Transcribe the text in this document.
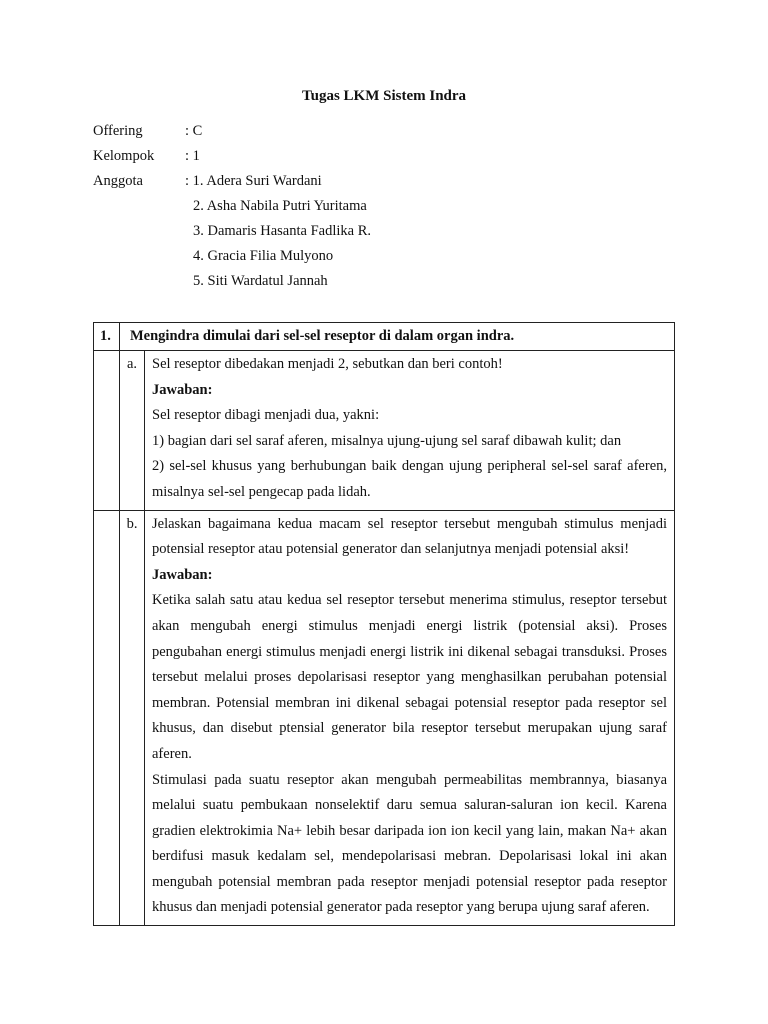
Tugas LKM Sistem Indra
Offering	: C
Kelompok : 1
Anggota	: 1. Adera Suri Wardani
2. Asha Nabila Putri Yuritama
3. Damaris Hasanta Fadlika R.
4. Gracia Filia Mulyono
5. Siti Wardatul Jannah
1.	Mengindra dimulai dari sel-sel reseptor di dalam organ indra.	
	a.	Sel reseptor dibedakan menjadi 2, sebutkan dan beri contoh!

Jawaban:

Sel reseptor dibagi menjadi dua, yakni:

1) bagian dari sel saraf aferen, misalnya ujung-ujung sel saraf dibawah kulit; dan

2) sel-sel khusus yang berhubungan baik dengan ujung peripheral sel-sel saraf aferen, misalnya sel-sel pengecap pada lidah.

	b.	Jelaskan bagaimana kedua macam sel reseptor tersebut mengubah stimulus menjadi potensial reseptor atau potensial generator dan selanjutnya menjadi potensial aksi!

Jawaban:

Ketika salah satu atau kedua sel reseptor tersebut menerima stimulus, reseptor tersebut akan mengubah energi stimulus menjadi energi listrik (potensial aksi). Proses pengubahan energi stimulus menjadi energi listrik ini dikenal sebagai transduksi. Proses tersebut melalui proses depolarisasi reseptor yang menghasilkan perubahan potensial membran. Potensial membran ini dikenal sebagai potensial reseptor pada reseptor sel khusus, dan disebut ptensial generator bila reseptor tersebut merupakan ujung saraf aferen.

Stimulasi pada suatu reseptor akan mengubah permeabilitas membrannya, biasanya melalui suatu pembukaan nonselektif daru semua saluran-saluran ion kecil. Karena gradien elektrokimia Na+ lebih besar daripada ion ion kecil yang lain, makan Na+ akan berdifusi masuk kedalam sel, mendepolarisasi mebran. Depolarisasi lokal ini akan mengubah potensial membran pada reseptor menjadi potensial reseptor pada reseptor khusus dan menjadi potensial generator pada reseptor yang berupa ujung saraf aferen.
